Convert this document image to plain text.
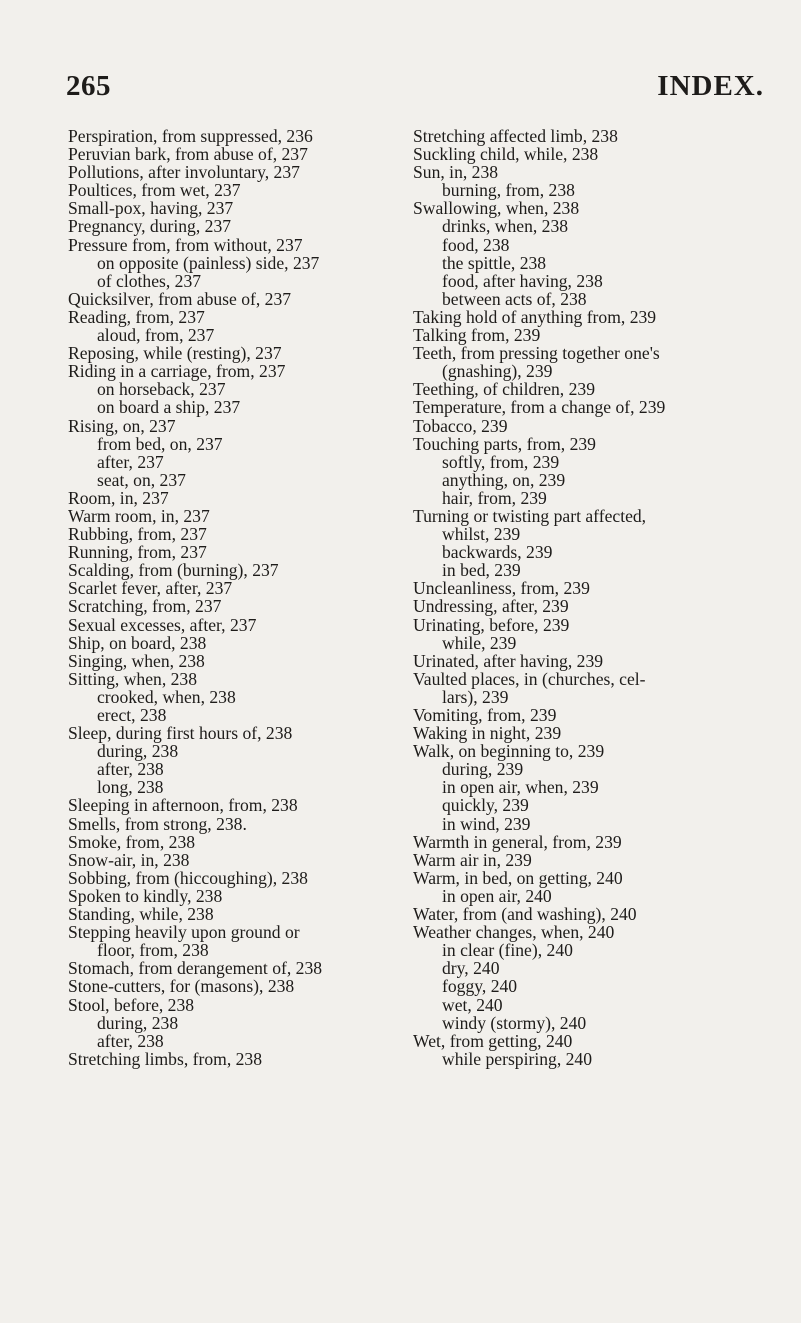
265	INDEX.
Perspiration, from suppressed, 236
Peruvian bark, from abuse of, 237
Pollutions, after involuntary, 237
Poultices, from wet, 237
Small-pox, having, 237
Pregnancy, during, 237
Pressure from, from without, 237
on opposite (painless) side, 237
of clothes, 237
Quicksilver, from abuse of, 237
Reading, from, 237
aloud, from, 237
Reposing, while (resting), 237
Riding in a carriage, from, 237
on horseback, 237
on board a ship, 237
Rising, on, 237
from bed, on, 237
after, 237
seat, on, 237
Room, in, 237
Warm room, in, 237
Rubbing, from, 237
Running, from, 237
Scalding, from (burning), 237
Scarlet fever, after, 237
Scratching, from, 237
Sexual excesses, after, 237
Ship, on board, 238
Singing, when, 238
Sitting, when, 238
crooked, when, 238
erect, 238
Sleep, during first hours of, 238
during, 238
after, 238
long, 238
Sleeping in afternoon, from, 238
Smells, from strong, 238.
Smoke, from, 238
Snow-air, in, 238
Sobbing, from (hiccoughing), 238
Spoken to kindly, 238
Standing, while, 238
Stepping heavily upon ground or
floor, from, 238
Stomach, from derangement of, 238
Stone-cutters, for (masons), 238
Stool, before, 238
during, 238
after, 238
Stretching limbs, from, 238
Stretching affected limb, 238
Suckling child, while, 238
Sun, in, 238
burning, from, 238
Swallowing, when, 238
drinks, when, 238
food, 238
the spittle, 238
food, after having, 238
between acts of, 238
Taking hold of anything from, 239
Talking from, 239
Teeth, from pressing together one's
(gnashing), 239
Teething, of children, 239
Temperature, from a change of, 239
Tobacco, 239
Touching parts, from, 239
softly, from, 239
anything, on, 239
hair, from, 239
Turning or twisting part affected,
whilst, 239
backwards, 239
in bed, 239
Uncleanliness, from, 239
Undressing, after, 239
Urinating, before, 239
while, 239
Urinated, after having, 239
Vaulted places, in (churches, cel-
lars), 239
Vomiting, from, 239
Waking in night, 239
Walk, on beginning to, 239
during, 239
in open air, when, 239
quickly, 239
in wind, 239
Warmth in general, from, 239
Warm air in, 239
Warm, in bed, on getting, 240
in open air, 240
Water, from (and washing), 240
Weather changes, when, 240
in clear (fine), 240
dry, 240
foggy, 240
wet, 240
windy (stormy), 240
Wet, from getting, 240
while perspiring, 240
